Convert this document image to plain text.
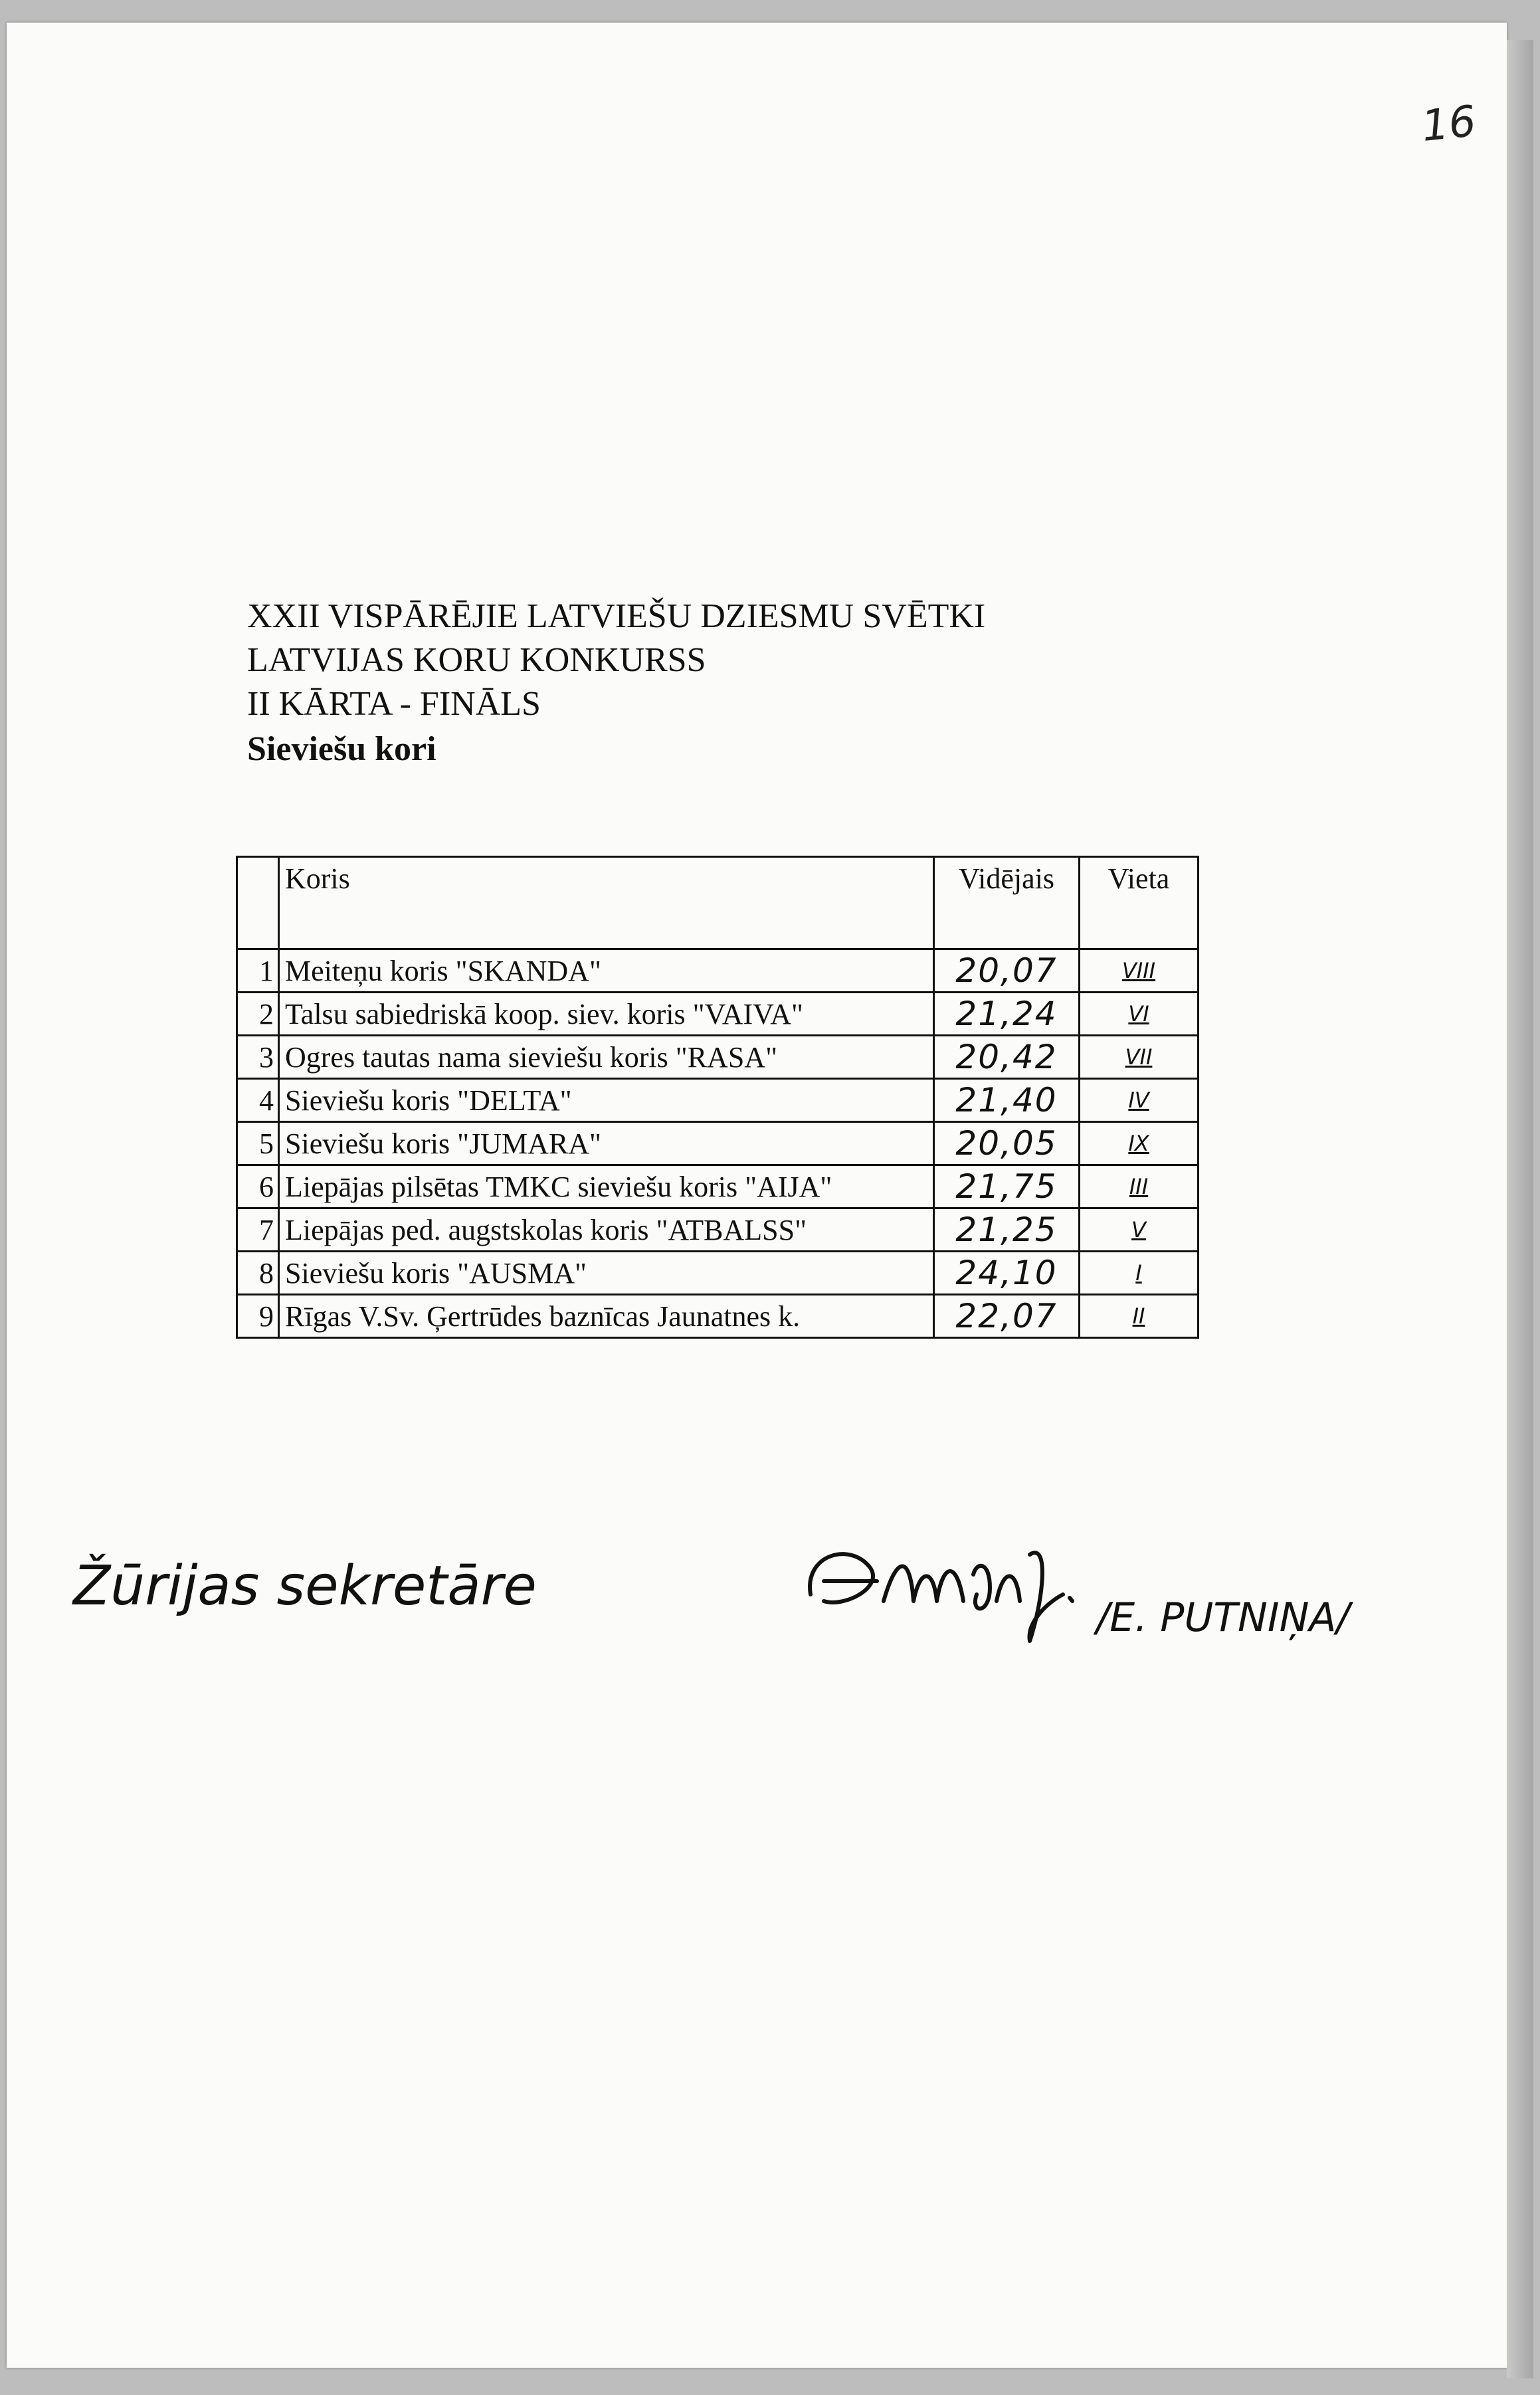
16
XXII VISPĀRĒJIE LATVIEŠU DZIESMU SVĒTKI
LATVIJAS KORU KONKURSS
II KĀRTA - FINĀLS
Sieviešu kori
	Koris	Vidējais	Vieta
1	Meiteņu koris "SKANDA"	20,07	VIII
2	Talsu sabiedriskā koop. siev. koris "VAIVA"	21,24	VI
3	Ogres tautas nama sieviešu koris "RASA"	20,42	VII
4	Sieviešu koris "DELTA"	21,40	IV
5	Sieviešu koris "JUMARA"	20,05	IX
6	Liepājas pilsētas TMKC sieviešu koris "AIJA"	21,75	III
7	Liepājas ped. augstskolas koris "ATBALSS"	21,25	V
8	Sieviešu koris "AUSMA"	24,10	I
9	Rīgas V.Sv. Ģertrūdes baznīcas Jaunatnes k.	22,07	II
Žūrijas sekretāre	/E. PUTNIŅA/
